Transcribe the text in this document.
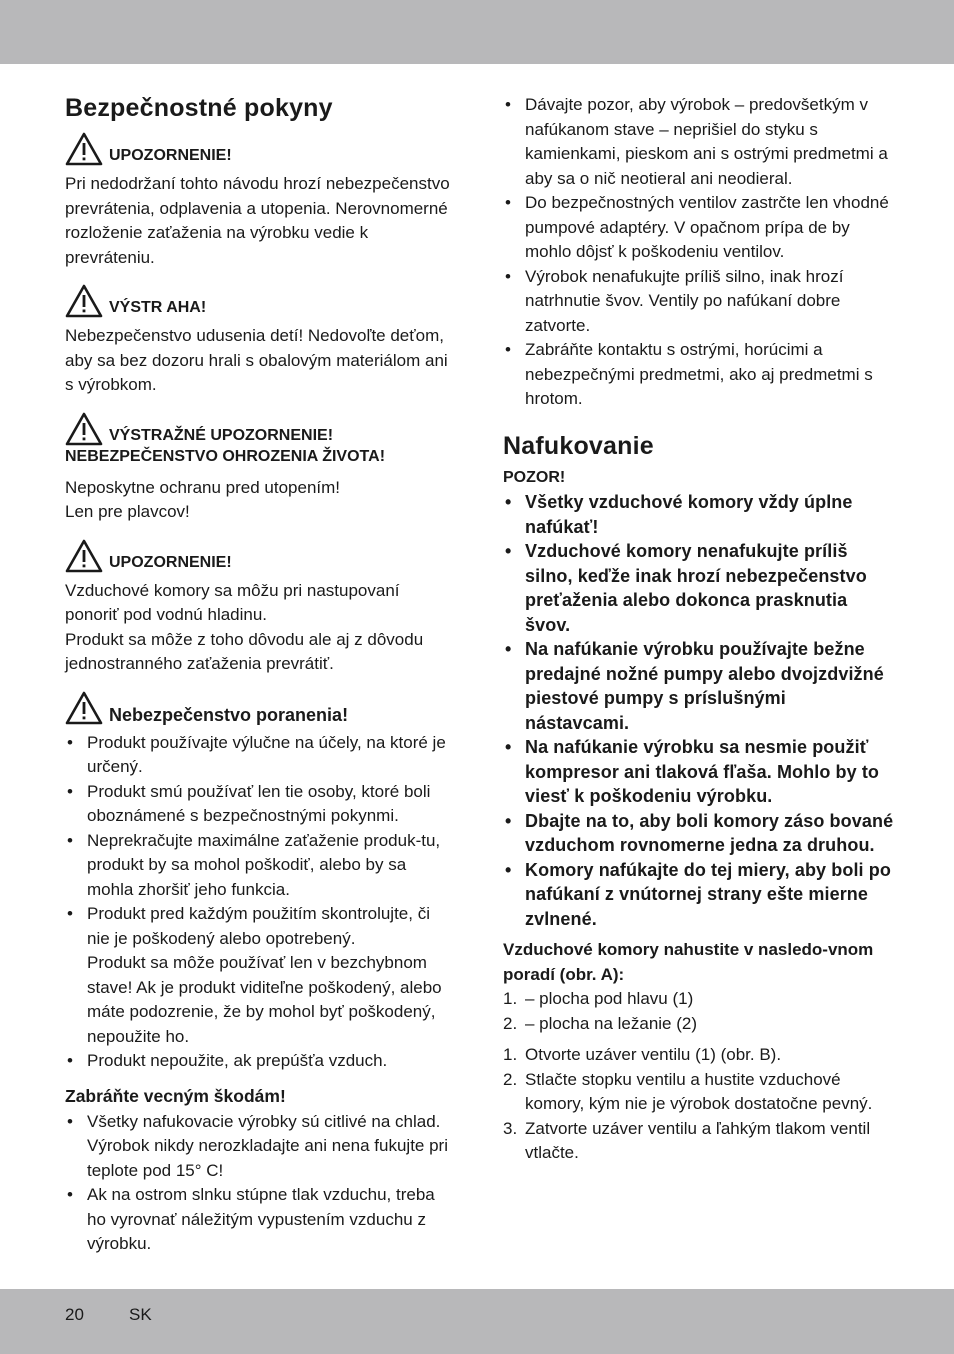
Bezpečnostné pokyny
UPOZORNENIE!

Pri nedodržaní tohto návodu hrozí nebezpečenstvo prevrátenia, odplavenia a utopenia. Nerovnomerné rozloženie zaťaženia na výrobku vedie k prevráteniu.

VÝSTR AHA!

Nebezpečenstvo udusenia detí! Nedovoľte deťom, aby sa bez dozoru hrali s obalovým materiálom ani s výrobkom.

VÝSTRAŽNÉ UPOZORNENIE!
NEBEZPEČENSTVO OHROZENIA ŽIVOTA!

Neposkytne ochranu pred utopením!

Len pre plavcov!

UPOZORNENIE!

Vzduchové komory sa môžu pri nastupovaní ponoriť pod vodnú hladinu.

Produkt sa môže z toho dôvodu ale aj z dôvodu jednostranného zaťaženia prevrátiť.

Nebezpečenstvo poranenia!
• Produkt používajte výlučne na účely, na ktoré je určený.
• Produkt smú používať len tie osoby, ktoré boli oboznámené s bezpečnostnými pokynmi.
• Neprekračujte maximálne zaťaženie produk-tu, produkt by sa mohol poškodiť, alebo by sa mohla zhoršiť jeho funkcia.
• Produkt pred každým použitím skontrolujte, či nie je poškodený alebo opotrebený.
Produkt sa môže používať len v bezchybnom stave! Ak je produkt viditeľne poškodený, alebo máte podozrenie, že by mohol byť poškodený, nepoužite ho.
• Produkt nepoužite, ak prepúšťa vzduch.
Zabráňte vecným škodám!
• Všetky nafukovacie výrobky sú citlivé na chlad. Výrobok nikdy nerozkladajte ani nena fukujte pri teplote pod 15° C!
• Ak na ostrom slnku stúpne tlak vzduchu, treba ho vyrovnať náležitým vypustením vzduchu z výrobku.
• Dávajte pozor, aby výrobok – predovšetkým v nafúkanom stave – neprišiel do styku s kamienkami, pieskom ani s ostrými predmetmi a aby sa o nič neotieral ani neodieral.
• Do bezpečnostných ventilov zastrčte len vhodné pumpové adaptéry. V opačnom prípa de by mohlo dôjsť k poškodeniu ventilov.
• Výrobok nenafukujte príliš silno, inak hrozí natrhnutie švov. Ventily po nafúkaní dobre zatvorte.
• Zabráňte kontaktu s ostrými, horúcimi a nebezpečnými predmetmi, ako aj predmetmi s hrotom.
Nafukovanie

POZOR!

• Všetky vzduchové komory vždy úplne nafúkať!
• Vzduchové komory nenafukujte príliš silno, keďže inak hrozí nebezpečenstvo preťaženia alebo dokonca prasknutia švov.
• Na nafúkanie výrobku používajte bežne predajné nožné pumpy alebo dvojzdvižné piestové pumpy s príslušnými nástavcami.
• Na nafúkanie výrobku sa nesmie použiť kompresor ani tlaková fľaša. Mohlo by to viesť k poškodeniu výrobku.
• Dbajte na to, aby boli komory záso bované vzduchom rovnomerne jedna za druhou.
• Komory nafúkajte do tej miery, aby boli po nafúkaní z vnútornej strany ešte mierne zvlnené.

Vzduchové komory nahustite v nasledo-vnom poradí (obr. A):

1. – plocha pod hlavu (1)
2. – plocha na ležanie (2)
1. Otvorte uzáver ventilu (1) (obr. B).
2. Stlačte stopku ventilu a hustite vzduchové komory, kým nie je výrobok dostatočne pevný.
3. Zatvorte uzáver ventilu a ľahkým tlakom ventil vtlačte.
20	SK
